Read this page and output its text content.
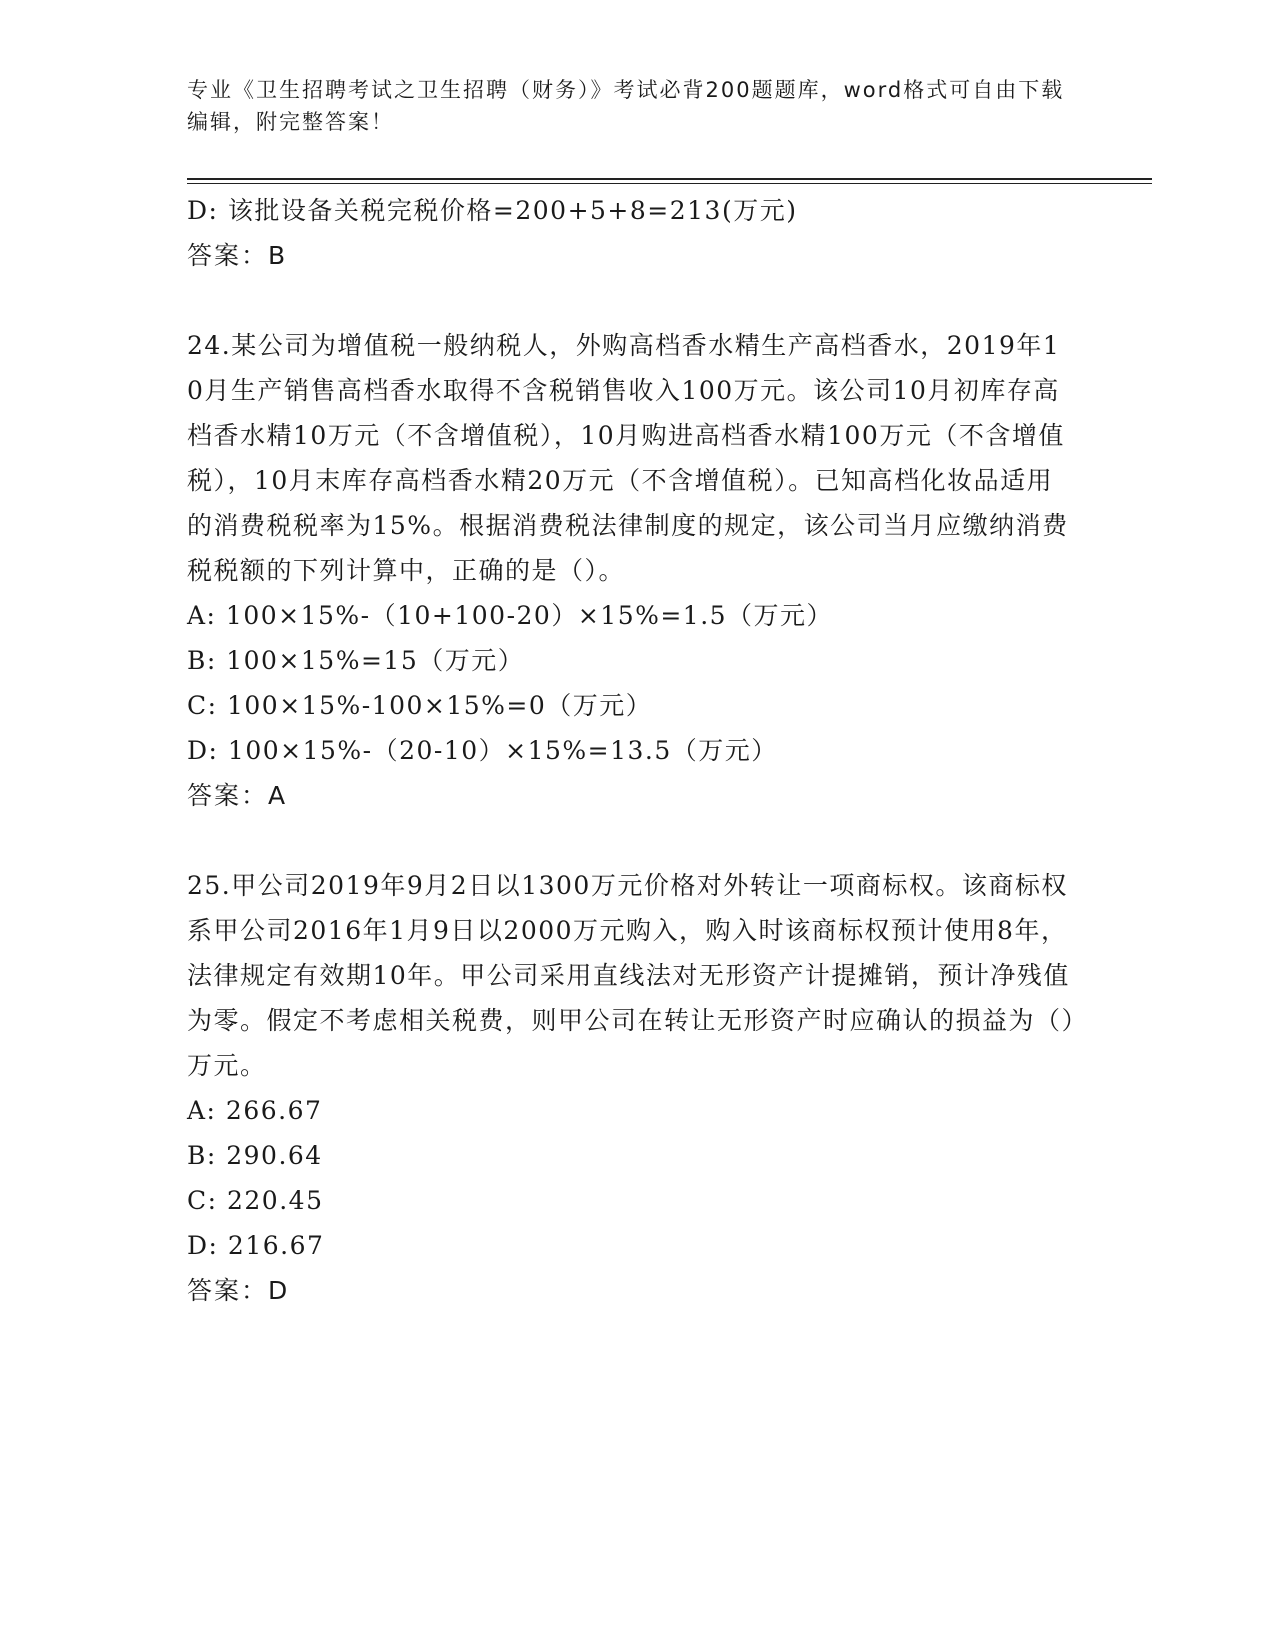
专业《卫生招聘考试之卫生招聘（财务）》考试必背200题题库，word格式可自由下载编辑，附完整答案！
D: 该批设备关税完税价格=200+5+8=213(万元)
答案：B
24.某公司为增值税一般纳税人，外购高档香水精生产高档香水，2019年10月生产销售高档香水取得不含税销售收入100万元。该公司10月初库存高档香水精10万元（不含增值税），10月购进高档香水精100万元（不含增值税），10月末库存高档香水精20万元（不含增值税）。已知高档化妆品适用的消费税税率为15%。根据消费税法律制度的规定，该公司当月应缴纳消费税税额的下列计算中，正确的是（）。
A: 100×15%-（10+100-20）×15%=1.5（万元）
B: 100×15%=15（万元）
C: 100×15%-100×15%=0（万元）
D: 100×15%-（20-10）×15%=13.5（万元）
答案：A
25.甲公司2019年9月2日以1300万元价格对外转让一项商标权。该商标权系甲公司2016年1月9日以2000万元购入，购入时该商标权预计使用8年，法律规定有效期10年。甲公司采用直线法对无形资产计提摊销，预计净残值为零。假定不考虑相关税费，则甲公司在转让无形资产时应确认的损益为（）万元。
A: 266.67
B: 290.64
C: 220.45
D: 216.67
答案：D
